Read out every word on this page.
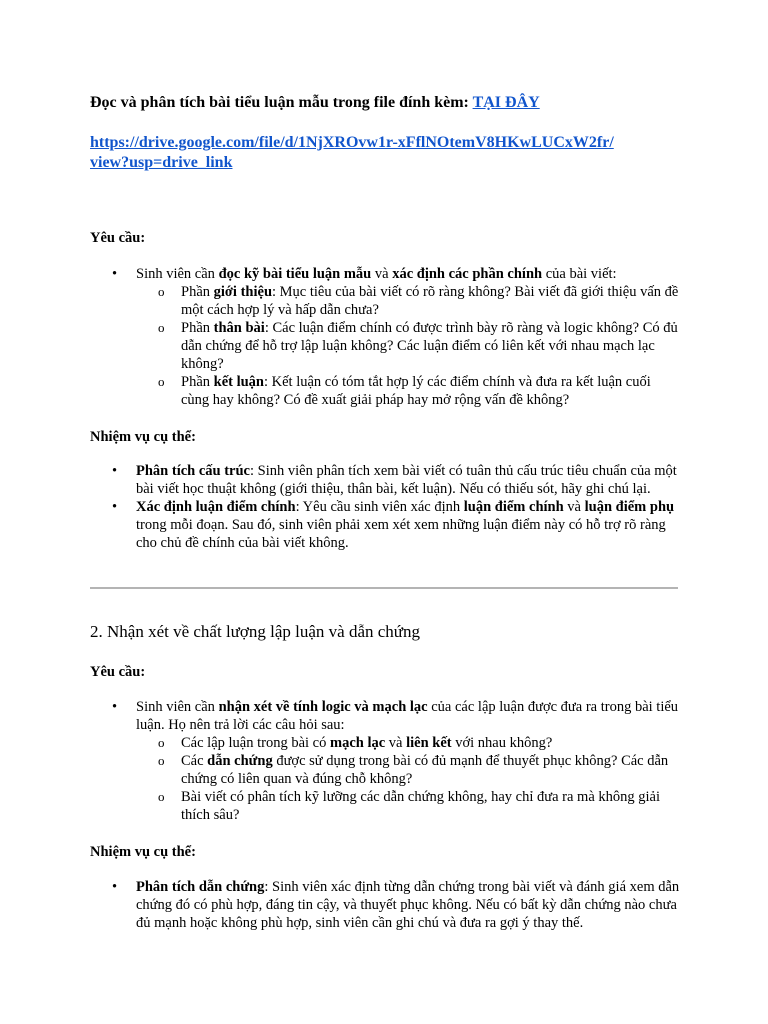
Đọc và phân tích bài tiểu luận mẫu trong file đính kèm: TẠI ĐÂY
https://drive.google.com/file/d/1NjXROvw1r-xFflNOtemV8HKwLUCxW2fr/
view?usp=drive_link
Yêu cầu:
• Sinh viên cần đọc kỹ bài tiểu luận mẫu và xác định các phần chính của bài viết:
o Phần giới thiệu: Mục tiêu của bài viết có rõ ràng không? Bài viết đã giới thiệu vấn đề một cách hợp lý và hấp dẫn chưa?
o Phần thân bài: Các luận điểm chính có được trình bày rõ ràng và logic không? Có đủ dẫn chứng để hỗ trợ lập luận không? Các luận điểm có liên kết với nhau mạch lạc không?
o Phần kết luận: Kết luận có tóm tắt hợp lý các điểm chính và đưa ra kết luận cuối cùng hay không? Có đề xuất giải pháp hay mở rộng vấn đề không?
Nhiệm vụ cụ thể:
• Phân tích cấu trúc: Sinh viên phân tích xem bài viết có tuân thủ cấu trúc tiêu chuẩn của một bài viết học thuật không (giới thiệu, thân bài, kết luận). Nếu có thiếu sót, hãy ghi chú lại.
• Xác định luận điểm chính: Yêu cầu sinh viên xác định luận điểm chính và luận điểm phụ trong mỗi đoạn. Sau đó, sinh viên phải xem xét xem những luận điểm này có hỗ trợ rõ ràng cho chủ đề chính của bài viết không.
2. Nhận xét về chất lượng lập luận và dẫn chứng
Yêu cầu:
• Sinh viên cần nhận xét về tính logic và mạch lạc của các lập luận được đưa ra trong bài tiểu luận. Họ nên trả lời các câu hỏi sau:
o Các lập luận trong bài có mạch lạc và liên kết với nhau không?
o Các dẫn chứng được sử dụng trong bài có đủ mạnh để thuyết phục không? Các dẫn chứng có liên quan và đúng chỗ không?
o Bài viết có phân tích kỹ lưỡng các dẫn chứng không, hay chỉ đưa ra mà không giải thích sâu?
Nhiệm vụ cụ thể:
• Phân tích dẫn chứng: Sinh viên xác định từng dẫn chứng trong bài viết và đánh giá xem dẫn chứng đó có phù hợp, đáng tin cậy, và thuyết phục không. Nếu có bất kỳ dẫn chứng nào chưa đủ mạnh hoặc không phù hợp, sinh viên cần ghi chú và đưa ra gợi ý thay thế.
